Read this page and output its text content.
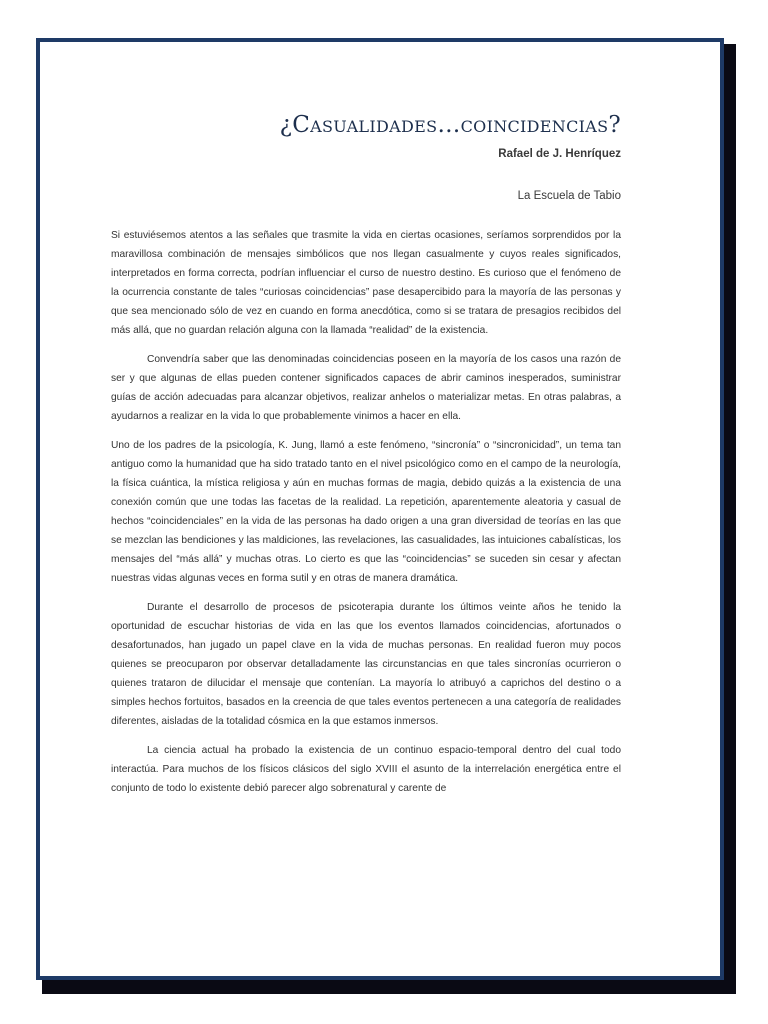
¿Casualidades…coincidencias?
Rafael de J. Henríquez
La Escuela de Tabio

Si estuviésemos atentos a las señales que trasmite la vida en ciertas ocasiones, seríamos sorprendidos por la maravillosa combinación de mensajes simbólicos que nos llegan casualmente y cuyos reales significados, interpretados en forma correcta, podrían influenciar el curso de nuestro destino. Es curioso que el fenómeno de la ocurrencia constante de tales “curiosas coincidencias” pase desapercibido para la mayoría de las personas y que sea mencionado sólo de vez en cuando en forma anecdótica, como si se tratara de presagios recibidos del más allá, que no guardan relación alguna con la llamada “realidad” de la existencia.

Convendría saber que las denominadas coincidencias poseen en la mayoría de los casos una razón de ser y que algunas de ellas pueden contener significados capaces de abrir caminos inesperados, suministrar guías de acción adecuadas para alcanzar objetivos, realizar anhelos o materializar metas. En otras palabras, a ayudarnos a realizar en la vida lo que probablemente vinimos a hacer en ella.

Uno de los padres de la psicología, K. Jung, llamó a este fenómeno, “sincronía” o “sincronicidad”, un tema tan antiguo como la humanidad que ha sido tratado tanto en el nivel psicológico como en el campo de la neurología, la física cuántica, la mística religiosa y aún en muchas formas de magia, debido quizás a la existencia de una conexión común que une todas las facetas de la realidad. La repetición, aparentemente aleatoria y casual de hechos “coincidenciales” en la vida de las personas ha dado origen a una gran diversidad de teorías en las que se mezclan las bendiciones y las maldiciones, las revelaciones, las casualidades, las intuiciones cabalísticas, los mensajes del “más allá” y muchas otras. Lo cierto es que las “coincidencias” se suceden sin cesar y afectan nuestras vidas algunas veces en forma sutil y en otras de manera dramática.

Durante el desarrollo de procesos de psicoterapia durante los últimos veinte años he tenido la oportunidad de escuchar historias de vida en las que los eventos llamados coincidencias, afortunados o desafortunados, han jugado un papel clave en la vida de muchas personas. En realidad fueron muy pocos quienes se preocuparon por observar detalladamente las circunstancias en que tales sincronías ocurrieron o quienes trataron de dilucidar el mensaje que contenían. La mayoría lo atribuyó a caprichos del destino o a simples hechos fortuitos, basados en la creencia de que tales eventos pertenecen a una categoría de realidades diferentes, aisladas de la totalidad cósmica en la que estamos inmersos.

La ciencia actual ha probado la existencia de un continuo espacio-temporal dentro del cual todo interactúa. Para muchos de los físicos clásicos del siglo XVIII el asunto de la interrelación energética entre el conjunto de todo lo existente debió parecer algo sobrenatural y carente de
